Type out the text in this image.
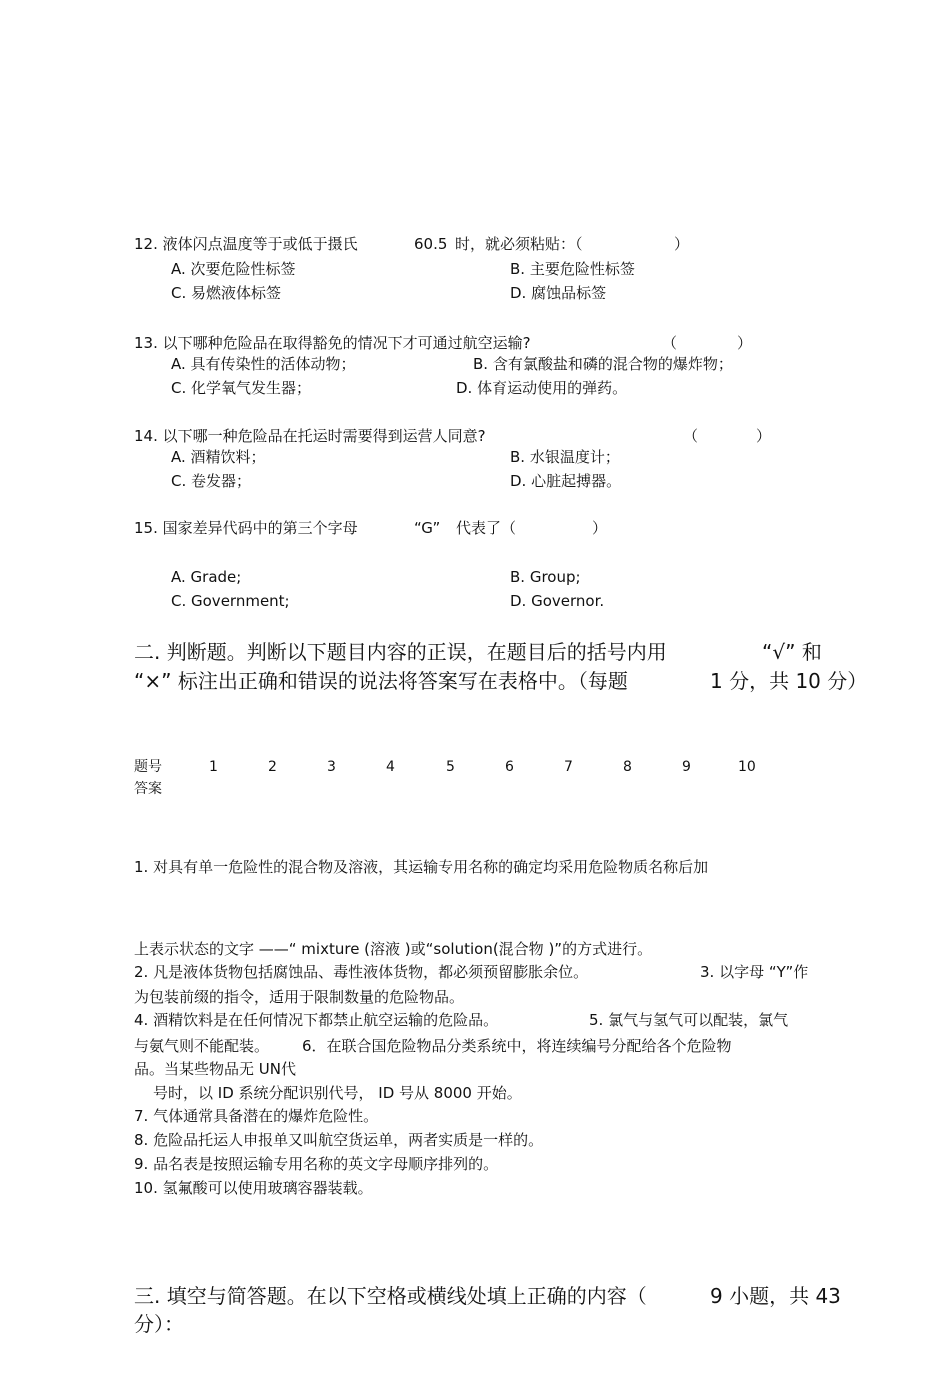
12. 液体闪点温度等于或低于摄氏	60.5 时，就必须粘贴：（	）
A. 次要危险性标签	B. 主要危险性标签
C. 易燃液体标签	D. 腐蚀品标签
13. 以下哪种危险品在取得豁免的情况下才可通过航空运输?	（	）
A. 具有传染性的活体动物；	B. 含有氯酸盐和磷的混合物的爆炸物；
C. 化学氧气发生器；	D. 体育运动使用的弹药。
14. 以下哪一种危险品在托运时需要得到运营人同意?	（	）
A. 酒精饮料；	B. 水银温度计；
C. 卷发器；	D. 心脏起搏器。
15. 国家差异代码中的第三个字母	“G” 代表了（	）
A. Grade;	B. Group;
C. Government;	D. Governor.
二. 判断题。判断以下题目内容的正误，在题目后的括号内用	“√” 和
“×” 标注出正确和错误的说法将答案写在表格中。（每题	1 分，共 10 分）
题号	1	2	3	4	5	6	7	8	9	10
答案
1. 对具有单一危险性的混合物及溶液，其运输专用名称的确定均采用危险物质名称后加
上表示状态的文字 ——“ mixture (溶液 )或“solution(混合物 )”的方式进行。
2. 凡是液体货物包括腐蚀品、毒性液体货物，都必须预留膨胀余位。	3. 以字母 “Y”作
为包装前缀的指令，适用于限制数量的危险物品。
4. 酒精饮料是在任何情况下都禁止航空运输的危险品。	5. 氯气与氢气可以配装，氯气
与氨气则不能配装。 6．在联合国危险物品分类系统中，将连续编号分配给各个危险物
品。当某些物品无 UN代
号时，以 ID 系统分配识别代号， ID 号从 8000 开始。
7. 气体通常具备潜在的爆炸危险性。
8. 危险品托运人申报单又叫航空货运单，两者实质是一样的。
9. 品名表是按照运输专用名称的英文字母顺序排列的。
10. 氢氟酸可以使用玻璃容器装载。
三. 填空与简答题。在以下空格或横线处填上正确的内容（	9 小题，共 43
分）：
